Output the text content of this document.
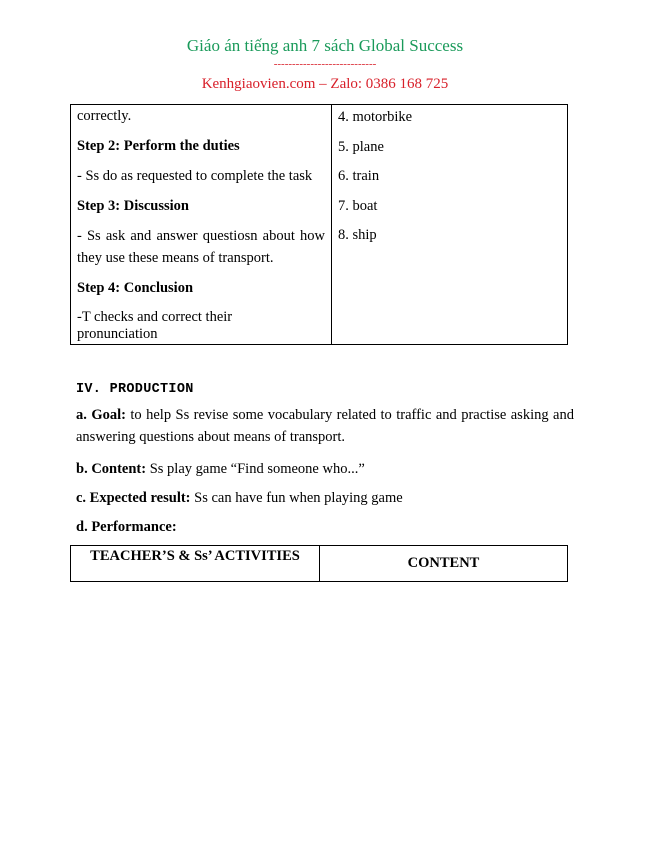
Giáo án tiếng anh 7 sách Global Success
----------------------------
Kenhgiaovien.com – Zalo: 0386 168 725
correctly.
Step 2: Perform the duties
- Ss do as requested to complete the task
Step 3: Discussion
- Ss ask and answer questiosn about how they use these means of transport.
Step 4: Conclusion
-T checks and correct their pronunciation

4. motorbike
5. plane
6. train
7. boat
8. ship
IV. PRODUCTION
a. Goal: to help Ss revise some vocabulary related to traffic and practise asking and answering questions about means of transport.
b. Content: Ss play game “Find someone who...”
c. Expected result: Ss can have fun when playing game
d. Performance:
TEACHER’S & Ss’ ACTIVITIES	CONTENT
